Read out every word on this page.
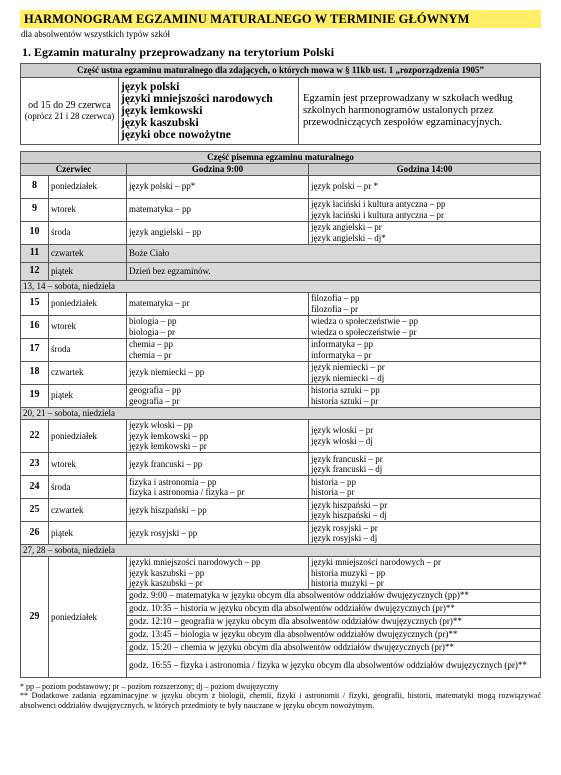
HARMONOGRAM EGZAMINU MATURALNEGO W TERMINIE GŁÓWNYM
dla absolwentów wszystkich typów szkół
1. Egzamin maturalny przeprowadzany na terytorium Polski
Część ustna egzaminu maturalnego dla zdających, o których mowa w § 11kb ust. 1 „rozporządzenia 1905”

od 15 do 29 czerwca
(oprócz 21 i 28 czerwca)

język polski
języki mniejszości narodowych
język łemkowski
język kaszubski
języki obce nowożytne
	Egzamin jest przeprowadzany w szkołach według szkolnych harmonogramów ustalonych przez przewodniczących zespołów egzaminacyjnych.
Część pisemna egzaminu maturalnego			
Czerwiec		Godzina 9:00	Godzina 14:00
8	poniedziałek	język polski – pp*	język polski – pr *

9	wtorek	matematyka – pp	język łaciński i kultura antyczna – pp
język łaciński i kultura antyczna – pr

10	środa	język angielski – pp	język angielski – pr
język angielski – dj*

11	czwartek	Boże Ciało	
12	piątek	Dzień bez egzaminów.	
13, 14 – sobota, niedziela			
15	poniedziałek	matematyka – pr	filozofia – pp
filozofia – pr

16	wtorek	biologia – pp
biologia – pr	wiedza o społeczeństwie – pp
wiedza o społeczeństwie – pr

17	środa	chemia – pp
chemia – pr	informatyka – pp
informatyka – pr

18	czwartek	język niemiecki – pp	język niemiecki – pr
język niemiecki – dj

19	piątek	geografia – pp
geografia – pr	historia sztuki – pp
historia sztuki – pr

20, 21 – sobota, niedziela			
22	poniedziałek	język włoski – pp
język łemkowski – pp
język łemkowski – pr	język włoski – pr
język włoski – dj

23	wtorek	język francuski – pp	język francuski – pr
język francuski – dj

24	środa	fizyka i astronomia – pp
fizyka i astronomia / fizyka – pr	historia – pp
historia – pr

25	czwartek	język hiszpański – pp	język hiszpański – pr
język hiszpański – dj

26	piątek	język rosyjski – pp	język rosyjski – pr
język rosyjski – dj

27, 28 – sobota, niedziela			
29	poniedziałek	języki mniejszości narodowych – pp
język kaszubski – pp
język kaszubski – pr	języki mniejszości narodowych – pr
historia muzyki – pp
historia muzyki – pr

		godz. 9:00 – matematyka w języku obcym dla absolwentów oddziałów dwujęzycznych (pp)**	
		godz. 10:35 – historia w języku obcym dla absolwentów oddziałów dwujęzycznych (pr)**	
		godz. 12:10 – geografia w języku obcym dla absolwentów oddziałów dwujęzycznych (pr)**	
		godz. 13:45 – biologia w języku obcym dla absolwentów oddziałów dwujęzycznych (pr)**	
		godz. 15:20 – chemia w języku obcym dla absolwentów oddziałów dwujęzycznych (pr)**	
		godz. 16:55 – fizyka i astronomia / fizyka w języku obcym dla absolwentów oddziałów dwujęzycznych (pr)**	
* pp – poziom podstawowy; pr – poziom rozszerzony; dj – poziom dwujęzyczny
** Dodatkowe zadania egzaminacyjne w języku obcym z biologii, chemii, fizyki i astronomii / fizyki, geografii, historii, matematyki mogą rozwiązywać absolwenci oddziałów dwujęzycznych, w których przedmioty te były nauczane w języku obcym nowożytnym.
